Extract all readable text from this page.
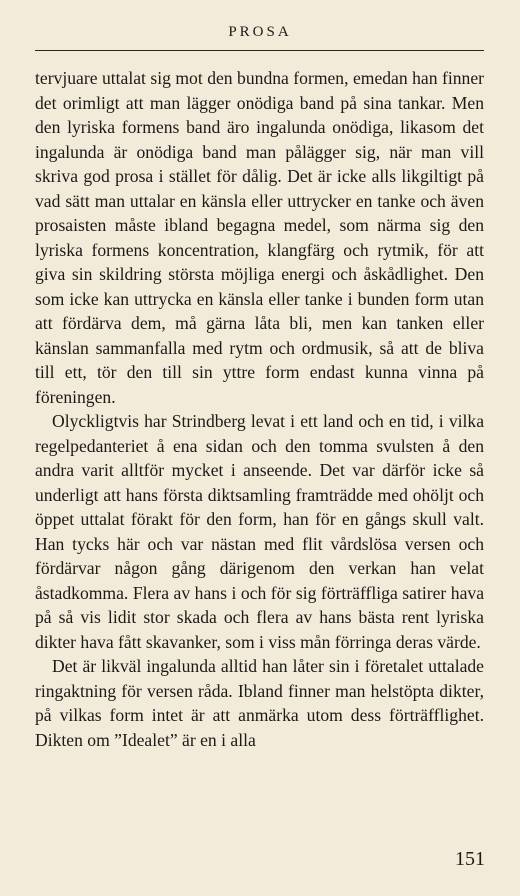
PROSA

tervjuare uttalat sig mot den bundna formen, emedan han finner det orimligt att man lägger onödiga band på sina tankar. Men den lyriska formens band äro ingalunda onödiga, likasom det ingalunda är onödiga band man pålägger sig, när man vill skriva god prosa i stället för dålig. Det är icke alls likgiltigt på vad sätt man uttalar en känsla eller uttrycker en tanke och även prosaisten måste ibland begagna medel, som närma sig den lyriska formens koncentration, klangfärg och rytmik, för att giva sin skildring största möjliga energi och åskådlighet. Den som icke kan uttrycka en känsla eller tanke i bunden form utan att fördärva dem, må gärna låta bli, men kan tanken eller känslan sammanfalla med rytm och ordmusik, så att de bliva till ett, tör den till sin yttre form endast kunna vinna på föreningen.

Olyckligtvis har Strindberg levat i ett land och en tid, i vilka regelpedanteriet å ena sidan och den tomma svulsten å den andra varit alltför mycket i anseende. Det var därför icke så underligt att hans första diktsamling framträdde med ohöljt och öppet uttalat förakt för den form, han för en gångs skull valt. Han tycks här och var nästan med flit vårdslösa versen och fördärvar någon gång därigenom den verkan han velat åstadkomma. Flera av hans i och för sig förträffliga satirer hava på så vis lidit stor skada och flera av hans bästa rent lyriska dikter hava fått skavanker, som i viss mån förringa deras värde.

Det är likväl ingalunda alltid han låter sin i företalet uttalade ringaktning för versen råda. Ibland finner man helstöpta dikter, på vilkas form intet är att anmärka utom dess förträfflighet. Dikten om ”Idealet” är en i alla

151
